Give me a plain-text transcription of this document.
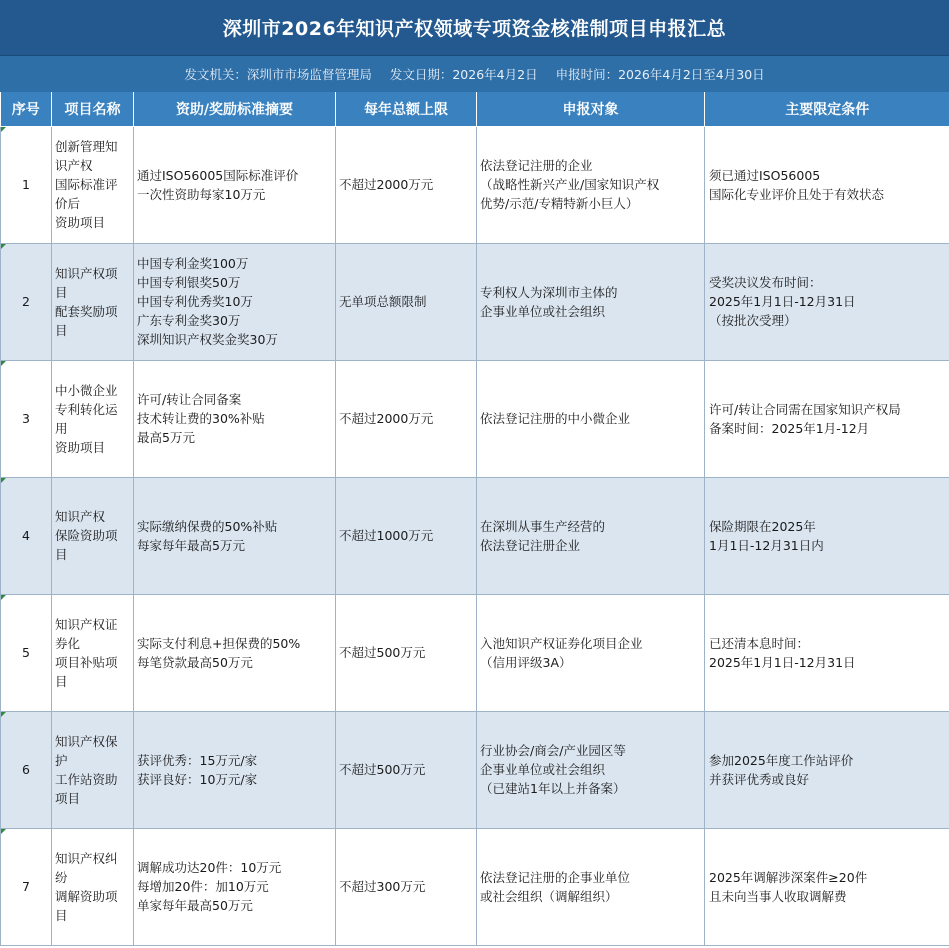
深圳市2026年知识产权领域专项资金核准制项目申报汇总
发文机关：深圳市市场监督管理局 发文日期：2026年4月2日 申报时间：2026年4月2日至4月30日
序号	项目名称	资助/奖励标准摘要	每年总额上限	申报对象	主要限定条件
1	创新管理知
识产权
国际标准评
价后
资助项目	通过ISO56005国际标准评价
一次性资助每家10万元	不超过2000万元	依法登记注册的企业
（战略性新兴产业/国家知识产权
优势/示范/专精特新小巨人）	须已通过ISO56005
国际化专业评价且处于有效状态
2	知识产权项
目
配套奖励项
目	中国专利金奖100万
中国专利银奖50万
中国专利优秀奖10万
广东专利金奖30万
深圳知识产权奖金奖30万	无单项总额限制	专利权人为深圳市主体的
企事业单位或社会组织	受奖决议发布时间：
2025年1月1日-12月31日
（按批次受理）
3	中小微企业
专利转化运
用
资助项目	许可/转让合同备案
技术转让费的30%补贴
最高5万元	不超过2000万元	依法登记注册的中小微企业	许可/转让合同需在国家知识产权局
备案时间：2025年1月-12月
4	知识产权
保险资助项
目	实际缴纳保费的50%补贴
每家每年最高5万元	不超过1000万元	在深圳从事生产经营的
依法登记注册企业	保险期限在2025年
1月1日-12月31日内
5	知识产权证
券化
项目补贴项
目	实际支付利息+担保费的50%
每笔贷款最高50万元	不超过500万元	入池知识产权证券化项目企业
（信用评级3A）	已还清本息时间：
2025年1月1日-12月31日
6	知识产权保
护
工作站资助
项目	获评优秀：15万元/家
获评良好：10万元/家	不超过500万元	行业协会/商会/产业园区等
企事业单位或社会组织
（已建站1年以上并备案）	参加2025年度工作站评价
并获评优秀或良好
7	知识产权纠
纷
调解资助项
目	调解成功达20件：10万元
每增加20件：加10万元
单家每年最高50万元	不超过300万元	依法登记注册的企事业单位
或社会组织（调解组织）	2025年调解涉深案件≥20件
且未向当事人收取调解费
